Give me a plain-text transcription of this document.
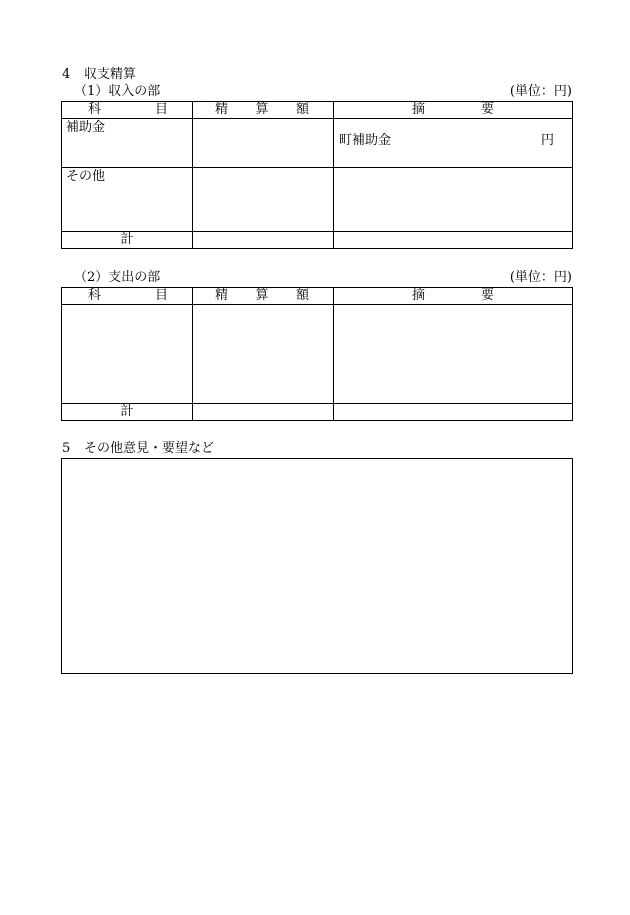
4 収支精算
（1）収入の部	(単位：円)
科 目	精 算 額	摘 要

補助金		町補助金 円

その他		

計		
（2）支出の部	(単位：円)
科 目	精 算 額	摘 要

計		
5 その他意見・要望など
